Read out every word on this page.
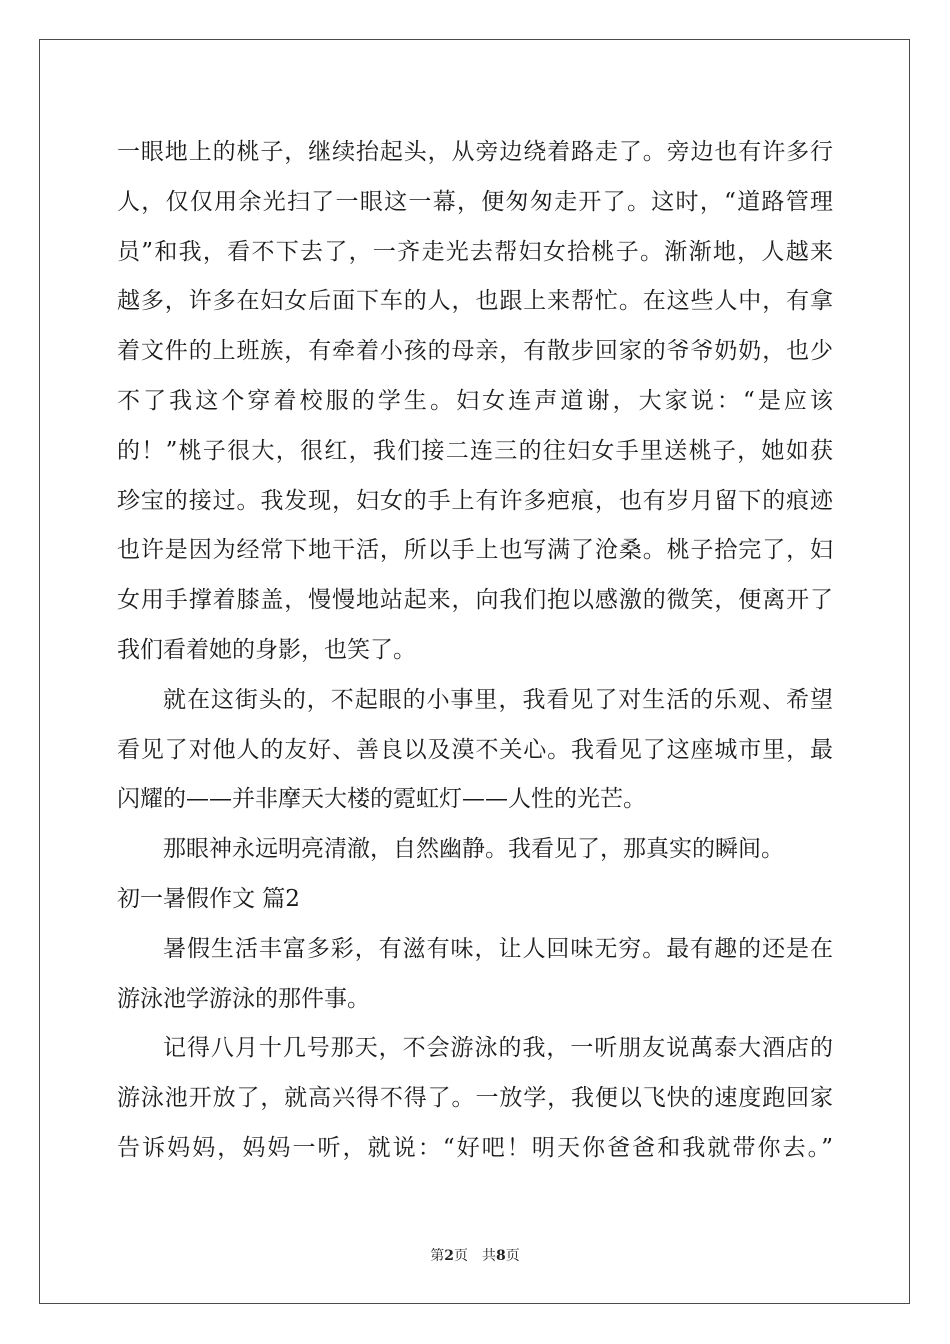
一眼地上的桃子，继续抬起头，从旁边绕着路走了。旁边也有许多行
人，仅仅用余光扫了一眼这一幕，便匆匆走开了。这时，“道路管理
员”和我，看不下去了，一齐走光去帮妇女拾桃子。渐渐地，人越来
越多，许多在妇女后面下车的人，也跟上来帮忙。在这些人中，有拿
着文件的上班族，有牵着小孩的母亲，有散步回家的爷爷奶奶，也少
不了我这个穿着校服的学生。妇女连声道谢，大家说：“是应该
的！”桃子很大，很红，我们接二连三的往妇女手里送桃子，她如获
珍宝的接过。我发现，妇女的手上有许多疤痕，也有岁月留下的痕迹
也许是因为经常下地干活，所以手上也写满了沧桑。桃子拾完了，妇
女用手撑着膝盖，慢慢地站起来，向我们抱以感激的微笑，便离开了
我们看着她的身影，也笑了。
就在这街头的，不起眼的小事里，我看见了对生活的乐观、希望
看见了对他人的友好、善良以及漠不关心。我看见了这座城市里，最
闪耀的——并非摩天大楼的霓虹灯——人性的光芒。
那眼神永远明亮清澈，自然幽静。我看见了，那真实的瞬间。
初一暑假作文 篇2
暑假生活丰富多彩，有滋有味，让人回味无穷。最有趣的还是在
游泳池学游泳的那件事。
记得八月十几号那天，不会游泳的我，一听朋友说萬泰大酒店的
游泳池开放了，就高兴得不得了。一放学，我便以飞快的速度跑回家
告诉妈妈，妈妈一听，就说：“好吧！明天你爸爸和我就带你去。”
第2页 共8页
